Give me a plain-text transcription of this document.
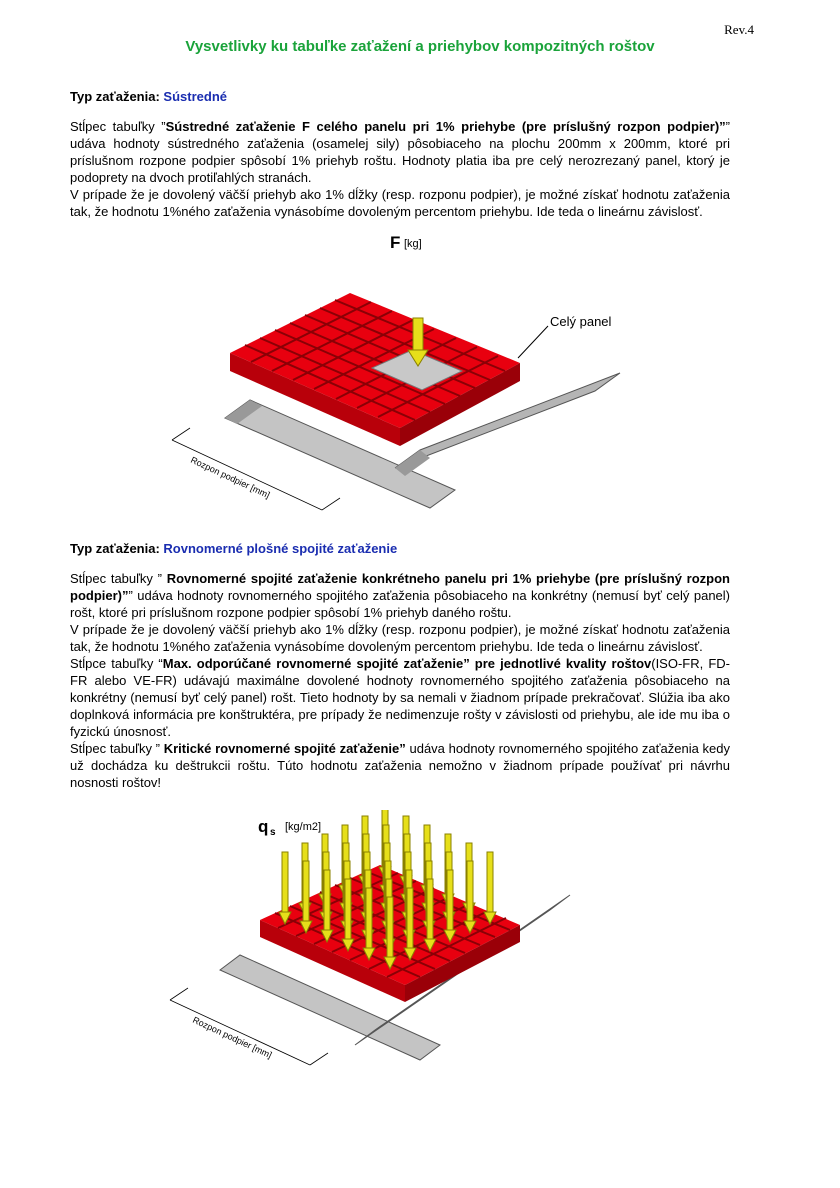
Rev.4
Vysvetlivky ku tabuľke zaťažení a priehybov kompozitných roštov

Typ zaťaženia: Sústredné

Stĺpec tabuľky ”Sústredné zaťaženie F celého panelu pri 1% priehybe (pre príslušný rozpon podpier)”” udáva hodnoty sústredného zaťaženia (osamelej sily) pôsobiaceho na plochu 200mm x 200mm, ktoré pri príslušnom rozpone podpier spôsobí 1% priehyb roštu. Hodnoty platia iba pre celý nerozrezaný panel, ktorý je podoprety na dvoch protiľahlých stranách.

V prípade že je dovolený väčší priehyb ako 1% dĺžky (resp. rozponu podpier), je možné získať hodnotu zaťaženia tak, že hodnotu 1%ného zaťaženia vynásobíme dovoleným percentom priehybu. Ide teda o lineárnu závislosť.

F [kg]
Celý panel
Rozpon podpier [mm]

Typ zaťaženia: Rovnomerné plošné spojité zaťaženie

Stĺpec tabuľky ” Rovnomerné spojité zaťaženie konkrétneho panelu pri 1% priehybe (pre príslušný rozpon podpier)”” udáva hodnoty rovnomerného spojitého zaťaženia pôsobiaceho na konkrétny (nemusí byť celý panel) rošt, ktoré pri príslušnom rozpone podpier spôsobí 1% priehyb daného roštu.

V prípade že je dovolený väčší priehyb ako 1% dĺžky (resp. rozponu podpier), je možné získať hodnotu zaťaženia tak, že hodnotu 1%ného zaťaženia vynásobíme dovoleným percentom priehybu. Ide teda o lineárnu závislosť.

Stĺpce tabuľky “Max. odporúčané rovnomerné spojité zaťaženie” pre jednotlivé kvality roštov(ISO-FR, FD-FR alebo VE-FR) udávajú maximálne dovolené hodnoty rovnomerného spojitého zaťaženia pôsobiaceho na konkrétny (nemusí byť celý panel) rošt. Tieto hodnoty by sa nemali v žiadnom prípade prekračovať. Slúžia iba ako doplnková informácia pre konštruktéra, pre prípady že nedimenzuje rošty v závislosti od priehybu, ale ide mu iba o fyzickú únosnosť.

Stĺpec tabuľky ” Kritické rovnomerné spojité zaťaženie” udáva hodnoty rovnomerného spojitého zaťaženia kedy už dochádza ku deštrukcii roštu. Túto hodnotu zaťaženia nemožno v žiadnom prípade používať pri návrhu nosnosti roštov!

q s [kg/m2]
Rozpon podpier [mm]
